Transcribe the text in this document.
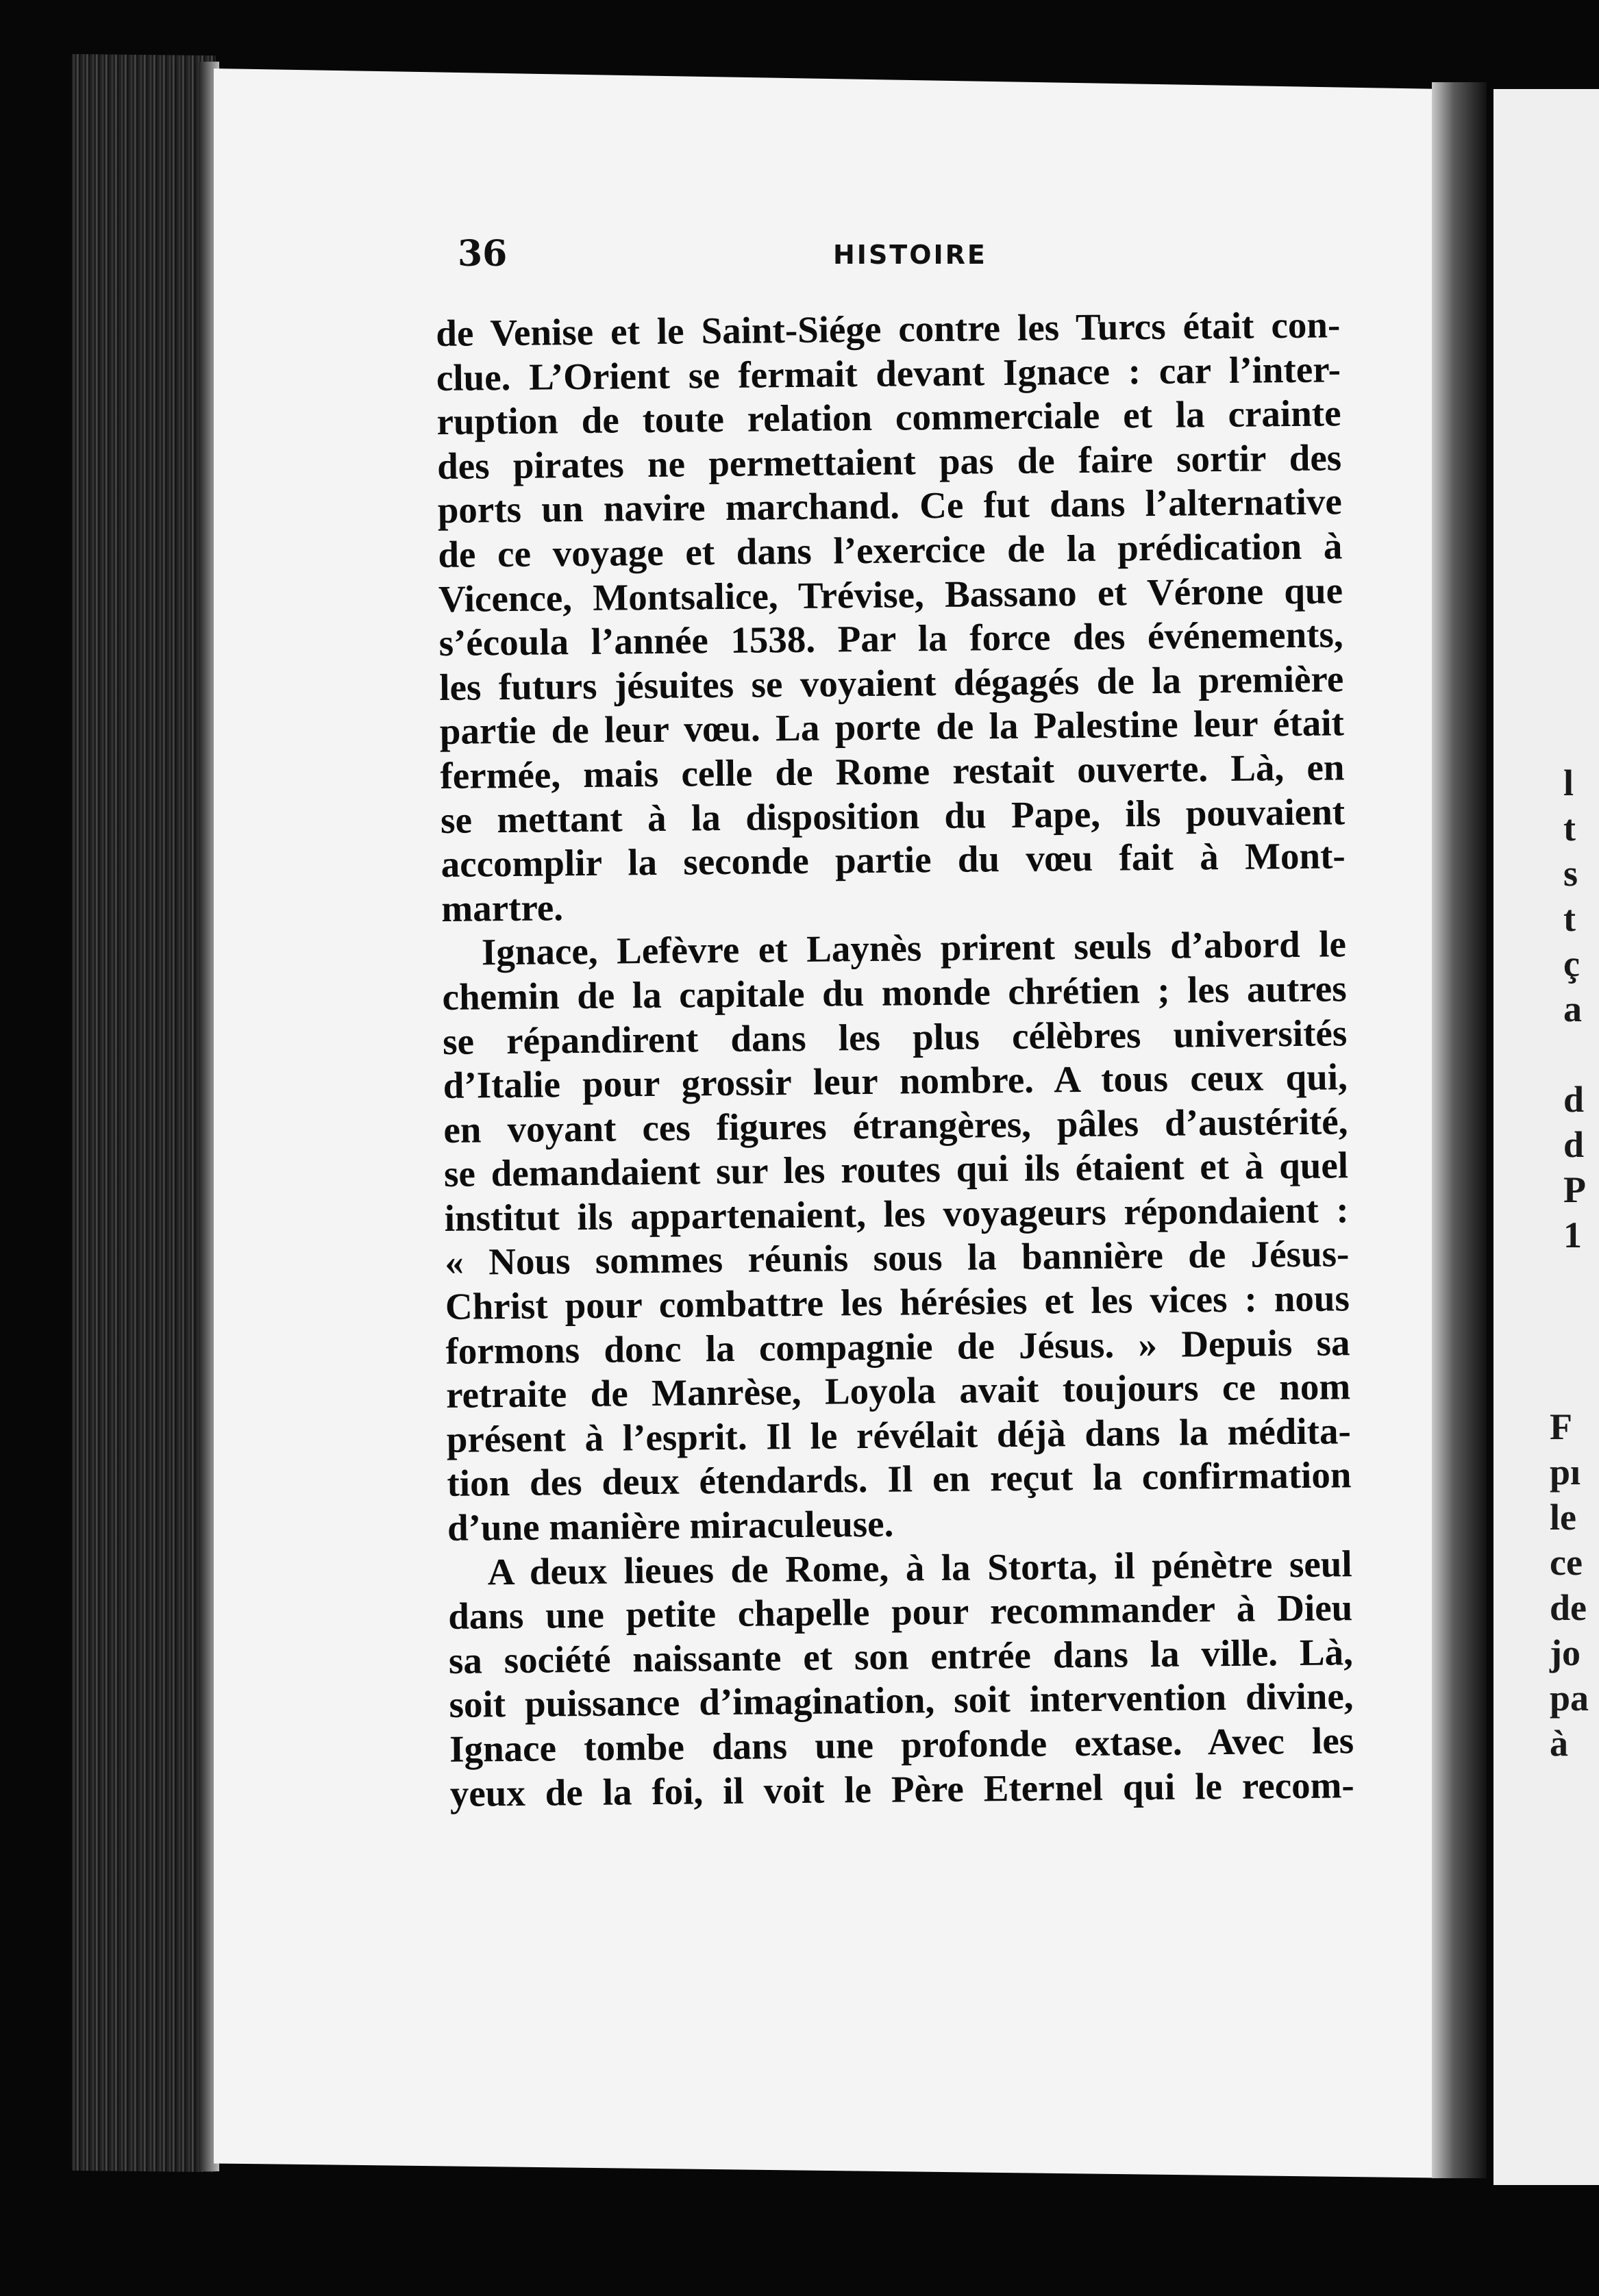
36	HISTOIRE
de Venise et le Saint-Siége contre les Turcs était con-
clue. L’Orient se fermait devant Ignace : car l’inter-
ruption de toute relation commerciale et la crainte
des pirates ne permettaient pas de faire sortir des
ports un navire marchand. Ce fut dans l’alternative
de ce voyage et dans l’exercice de la prédication à
Vicence, Montsalice, Trévise, Bassano et Vérone que
s’écoula l’année 1538. Par la force des événements,
les futurs jésuites se voyaient dégagés de la première
partie de leur vœu. La porte de la Palestine leur était
fermée, mais celle de Rome restait ouverte. Là, en
se mettant à la disposition du Pape, ils pouvaient
accomplir la seconde partie du vœu fait à Mont-
martre.
Ignace, Lefèvre et Laynès prirent seuls d’abord le
chemin de la capitale du monde chrétien ; les autres
se répandirent dans les plus célèbres universités
d’Italie pour grossir leur nombre. A tous ceux qui,
en voyant ces figures étrangères, pâles d’austérité,
se demandaient sur les routes qui ils étaient et à quel
institut ils appartenaient, les voyageurs répondaient :
« Nous sommes réunis sous la bannière de Jésus-
Christ pour combattre les hérésies et les vices : nous
formons donc la compagnie de Jésus. » Depuis sa
retraite de Manrèse, Loyola avait toujours ce nom
présent à l’esprit. Il le révélait déjà dans la médita-
tion des deux étendards. Il en reçut la confirmation
d’une manière miraculeuse.
A deux lieues de Rome, à la Storta, il pénètre seul
dans une petite chapelle pour recommander à Dieu
sa société naissante et son entrée dans la ville. Là,
soit puissance d’imagination, soit intervention divine,
Ignace tombe dans une profonde extase. Avec les
yeux de la foi, il voit le Père Eternel qui le recom-
l
t
s
t
ç
a
d
d
P
1
F
pı
le
ce
de
jo
pa
à
